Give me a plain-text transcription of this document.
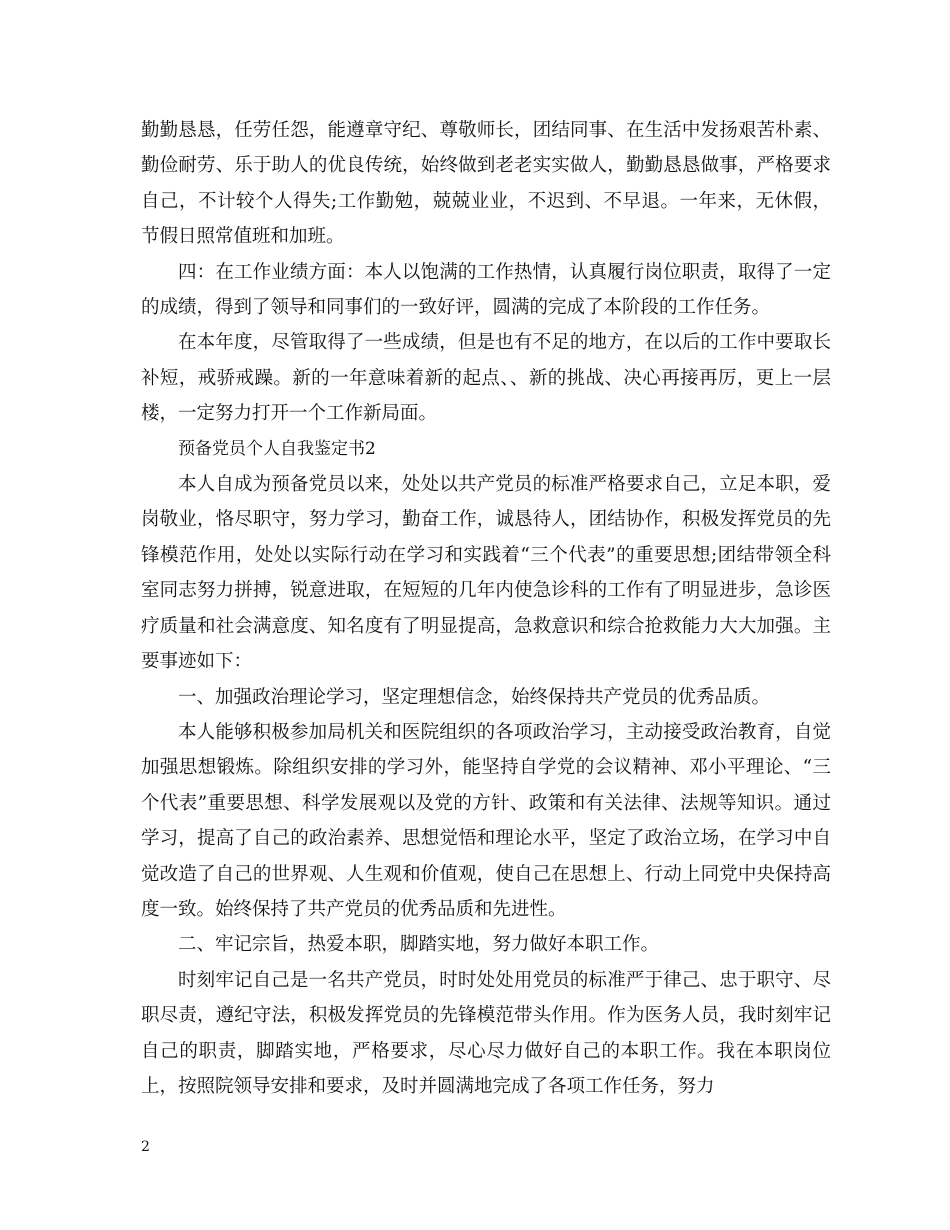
勤勤恳恳，任劳任怨，能遵章守纪、尊敬师长，团结同事、在生活中发扬艰苦朴素、勤俭耐劳、乐于助人的优良传统，始终做到老老实实做人，勤勤恳恳做事，严格要求自己，不计较个人得失;工作勤勉，兢兢业业，不迟到、不早退。一年来，无休假，节假日照常值班和加班。

四：在工作业绩方面：本人以饱满的工作热情，认真履行岗位职责，取得了一定的成绩，得到了领导和同事们的一致好评，圆满的完成了本阶段的工作任务。

在本年度，尽管取得了一些成绩，但是也有不足的地方，在以后的工作中要取长补短，戒骄戒躁。新的一年意味着新的起点、、新的挑战、决心再接再厉，更上一层楼，一定努力打开一个工作新局面。

预备党员个人自我鉴定书2

本人自成为预备党员以来，处处以共产党员的标准严格要求自己，立足本职，爱岗敬业，恪尽职守，努力学习，勤奋工作，诚恳待人，团结协作，积极发挥党员的先锋模范作用，处处以实际行动在学习和实践着“三个代表”的重要思想;团结带领全科室同志努力拼搏，锐意进取，在短短的几年内使急诊科的工作有了明显进步，急诊医疗质量和社会满意度、知名度有了明显提高，急救意识和综合抢救能力大大加强。主要事迹如下：

一、加强政治理论学习，坚定理想信念，始终保持共产党员的优秀品质。

本人能够积极参加局机关和医院组织的各项政治学习，主动接受政治教育，自觉加强思想锻炼。除组织安排的学习外，能坚持自学党的会议精神、邓小平理论、“三个代表”重要思想、科学发展观以及党的方针、政策和有关法律、法规等知识。通过学习，提高了自己的政治素养、思想觉悟和理论水平，坚定了政治立场，在学习中自觉改造了自己的世界观、人生观和价值观，使自己在思想上、行动上同党中央保持高度一致。始终保持了共产党员的优秀品质和先进性。

二、牢记宗旨，热爱本职，脚踏实地，努力做好本职工作。

时刻牢记自己是一名共产党员，时时处处用党员的标准严于律己、忠于职守、尽职尽责，遵纪守法，积极发挥党员的先锋模范带头作用。作为医务人员，我时刻牢记自己的职责，脚踏实地，严格要求，尽心尽力做好自己的本职工作。我在本职岗位上，按照院领导安排和要求，及时并圆满地完成了各项工作任务，努力

2
